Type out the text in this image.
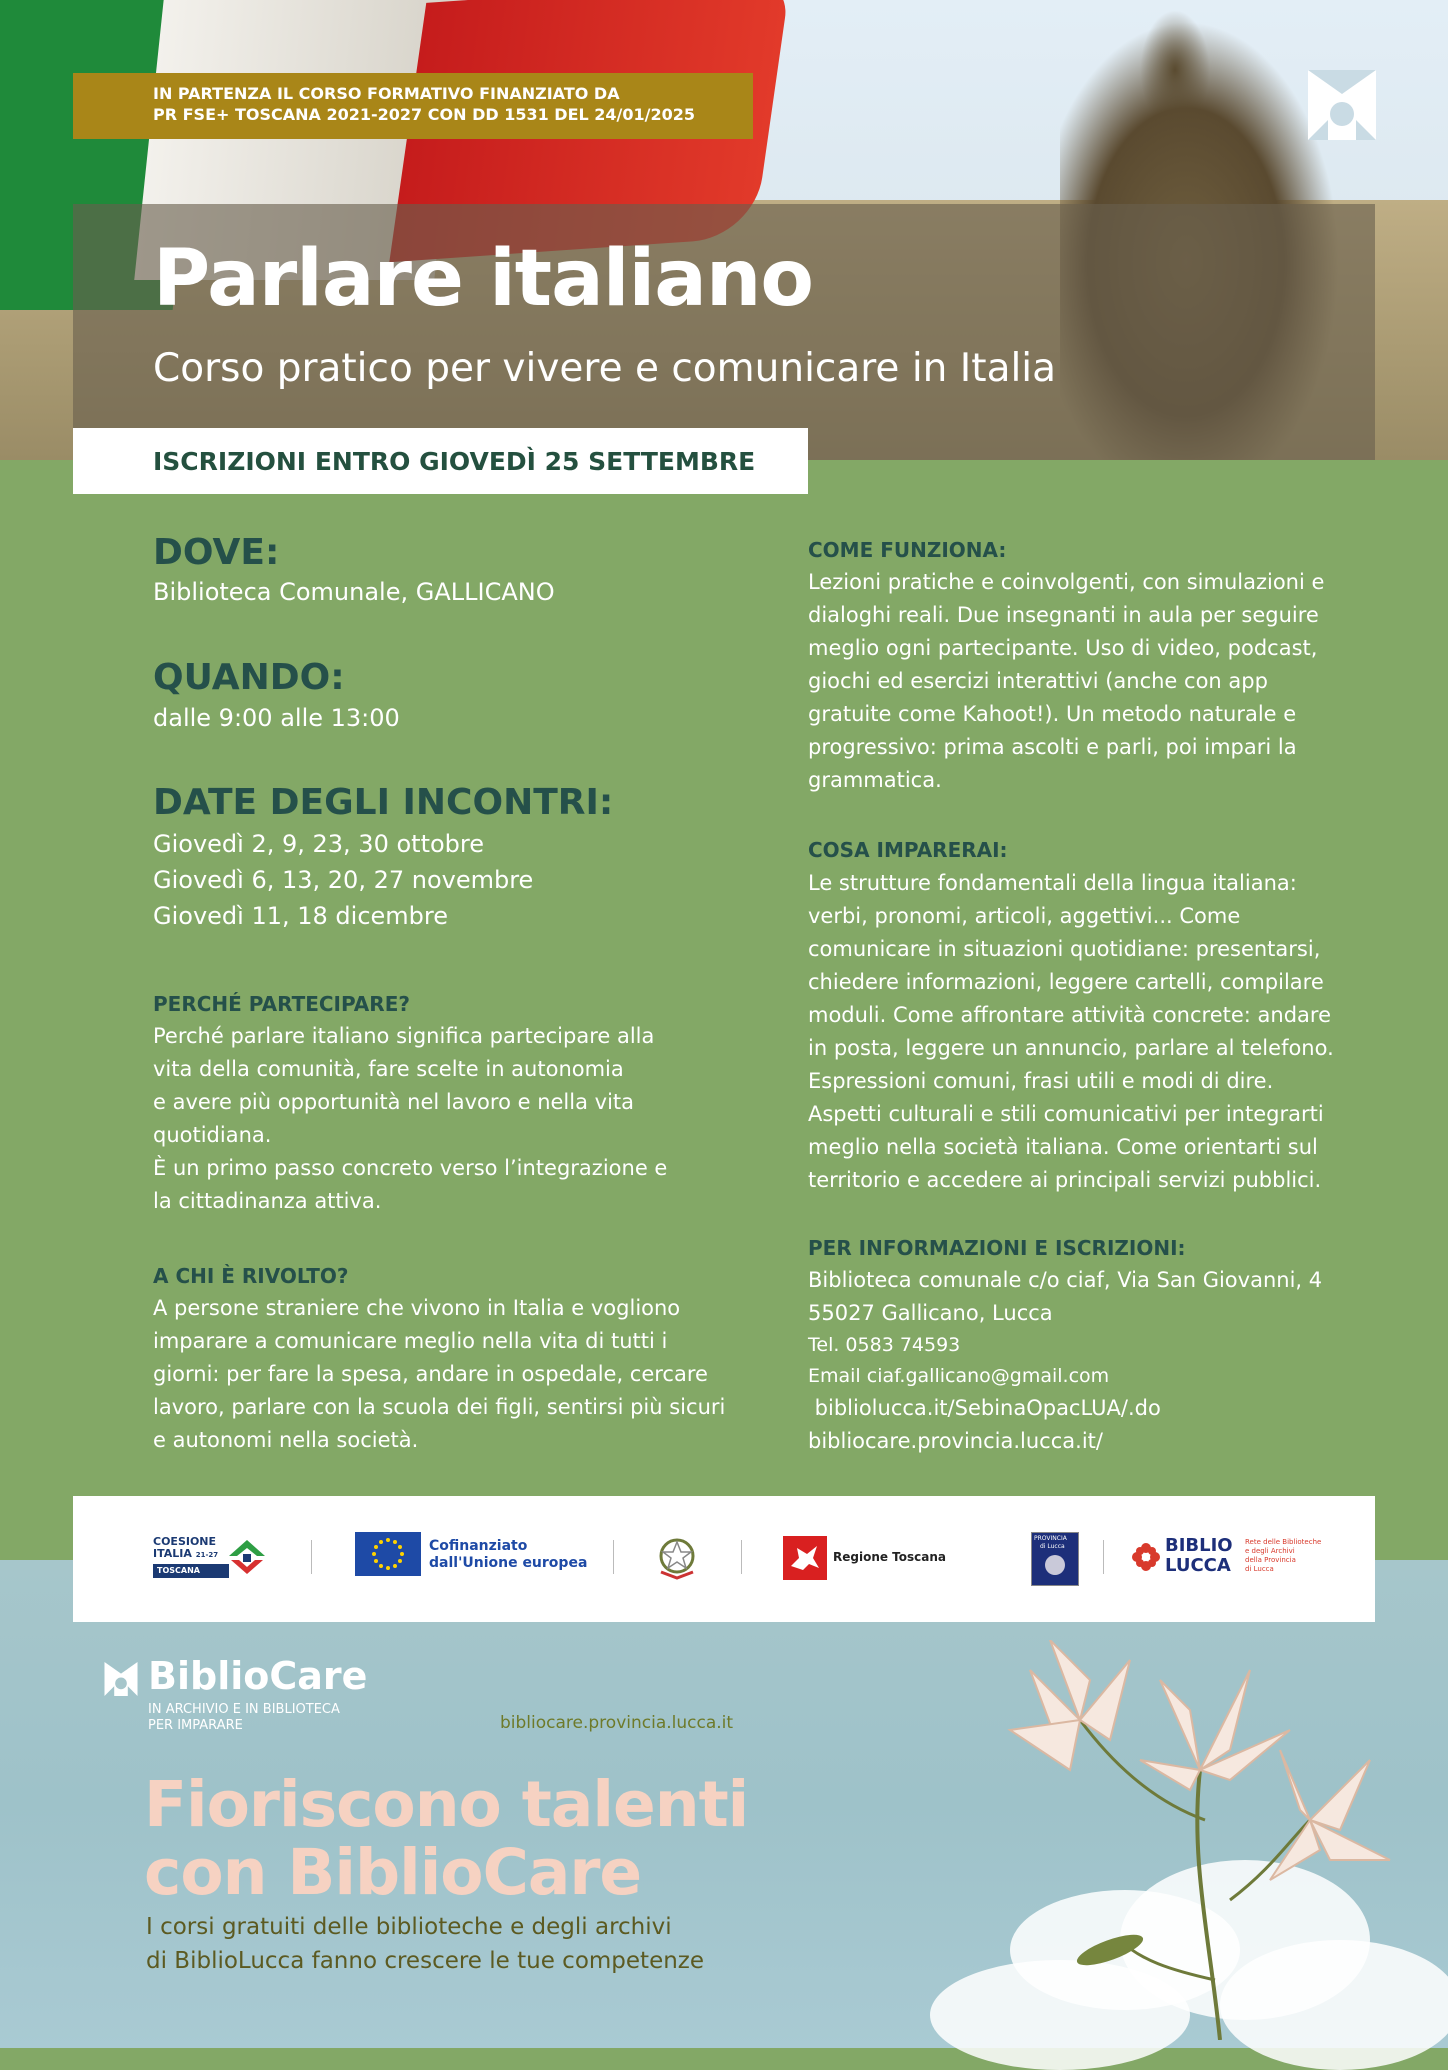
IN PARTENZA IL CORSO FORMATIVO FINANZIATO DA
PR FSE+ TOSCANA 2021-2027 CON DD 1531 DEL 24/01/2025
Parlare italiano
Corso pratico per vivere e comunicare in Italia
ISCRIZIONI ENTRO GIOVEDÌ 25 SETTEMBRE
DOVE:
Biblioteca Comunale, GALLICANO
QUANDO:
dalle 9:00 alle 13:00
DATE DEGLI INCONTRI:
Giovedì 2, 9, 23, 30 ottobre
Giovedì 6, 13, 20, 27 novembre
Giovedì 11, 18 dicembre
PERCHÉ PARTECIPARE?
Perché parlare italiano significa partecipare alla
vita della comunità, fare scelte in autonomia
e avere più opportunità nel lavoro e nella vita
quotidiana.
È un primo passo concreto verso l’integrazione e
la cittadinanza attiva.
A CHI È RIVOLTO?
A persone straniere che vivono in Italia e vogliono
imparare a comunicare meglio nella vita di tutti i
giorni: per fare la spesa, andare in ospedale, cercare
lavoro, parlare con la scuola dei figli, sentirsi più sicuri
e autonomi nella società.
COME FUNZIONA:
Lezioni pratiche e coinvolgenti, con simulazioni e
dialoghi reali. Due insegnanti in aula per seguire
meglio ogni partecipante. Uso di video, podcast,
giochi ed esercizi interattivi (anche con app
gratuite come Kahoot!). Un metodo naturale e
progressivo: prima ascolti e parli, poi impari la
grammatica.
COSA IMPARERAI:
Le strutture fondamentali della lingua italiana:
verbi, pronomi, articoli, aggettivi... Come
comunicare in situazioni quotidiane: presentarsi,
chiedere informazioni, leggere cartelli, compilare
moduli. Come affrontare attività concrete: andare
in posta, leggere un annuncio, parlare al telefono.
Espressioni comuni, frasi utili e modi di dire.
Aspetti culturali e stili comunicativi per integrarti
meglio nella società italiana. Come orientarti sul
territorio e accedere ai principali servizi pubblici.
PER INFORMAZIONI E ISCRIZIONI:
Biblioteca comunale c/o ciaf, Via San Giovanni, 4
55027 Gallicano, Lucca
Tel. 0583 74593
Email ciaf.gallicano@gmail.com
bibliolucca.it/SebinaOpacLUA/.do
bibliocare.provincia.lucca.it/
COESIONE
ITALIA 21-27
TOSCANA
Cofinanziato
dall'Unione europea	Regione Toscana
PROVINCIA
di Lucca	BIBLIO
LUCCA
Rete delle Biblioteche
e degli Archivi
della Provincia
di Lucca
BiblioCare
IN ARCHIVIO E IN BIBLIOTECA
PER IMPARARE	bibliocare.provincia.lucca.it
Fioriscono talenti
con BiblioCare
I corsi gratuiti delle biblioteche e degli archivi
di BiblioLucca fanno crescere le tue competenze
